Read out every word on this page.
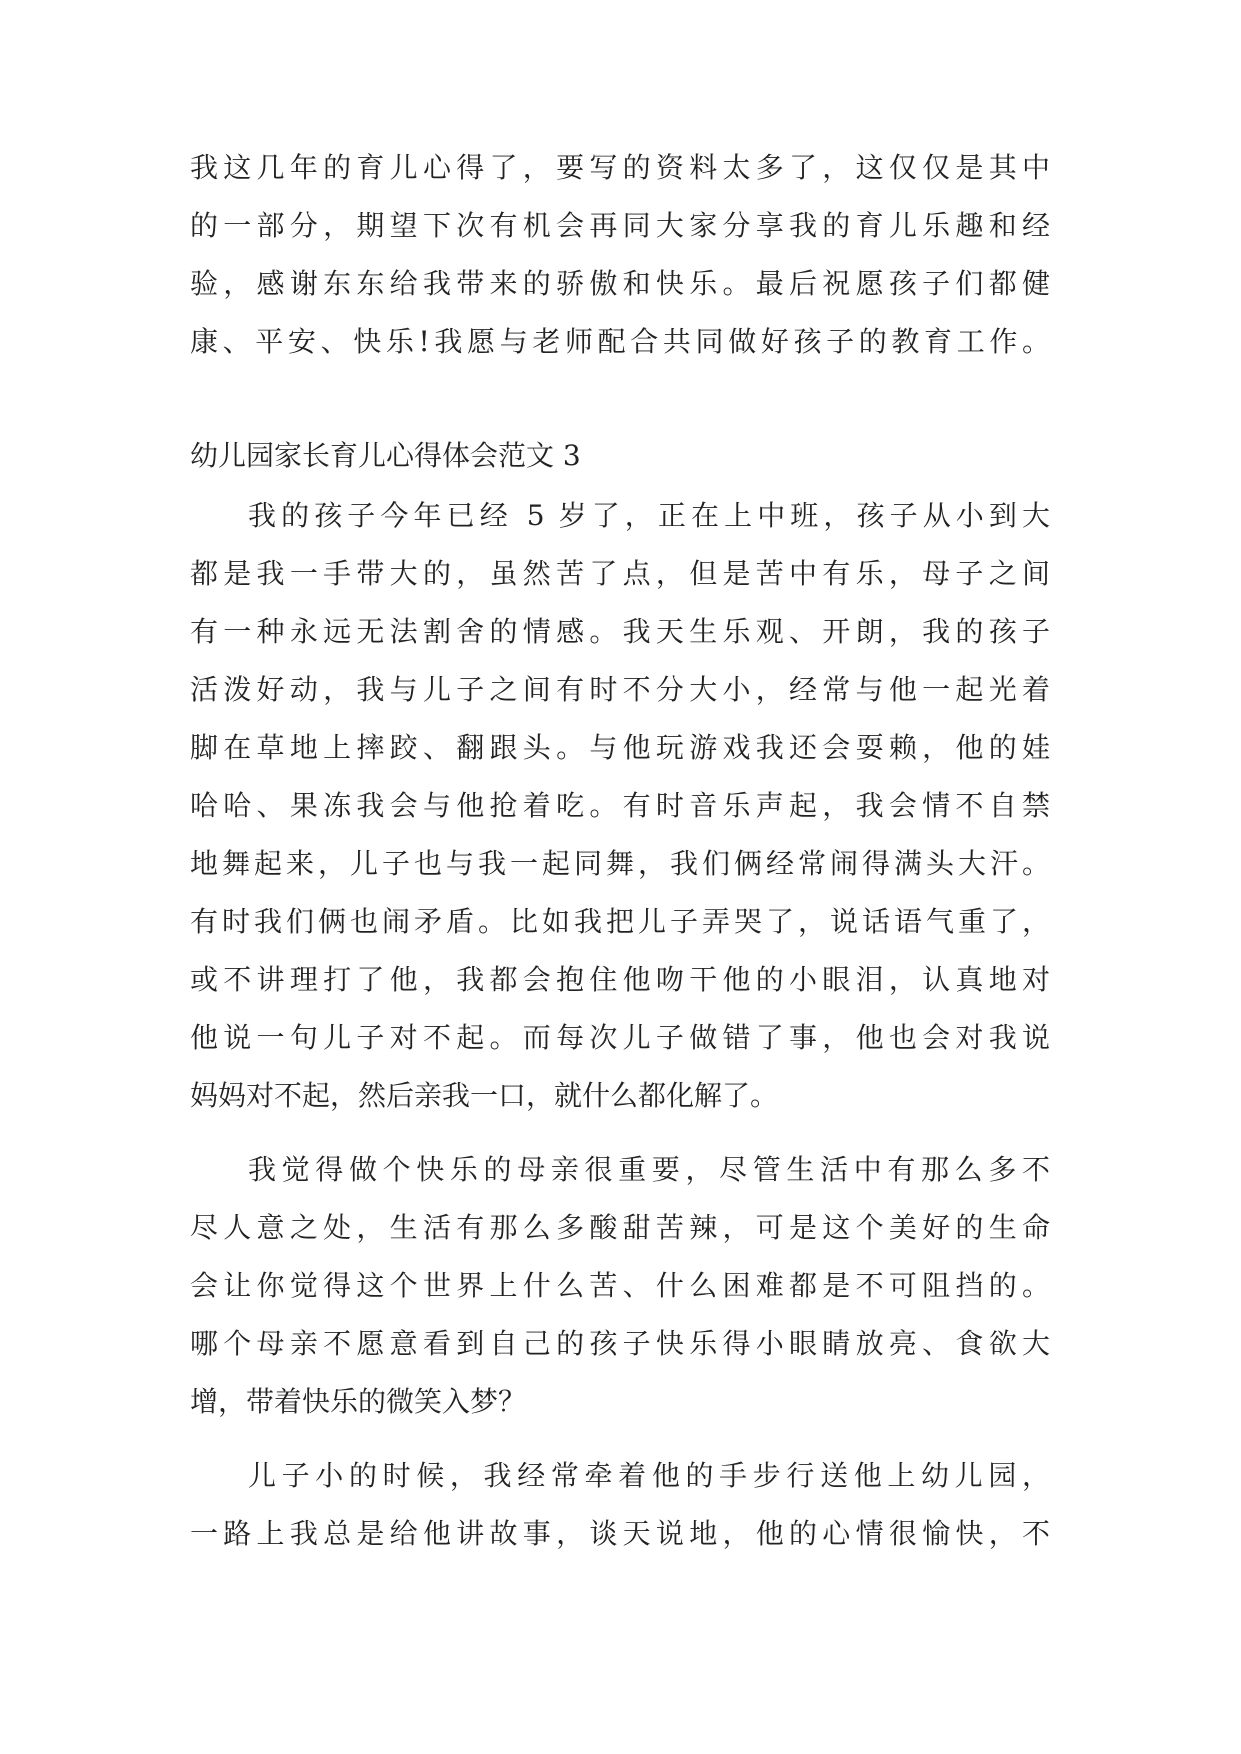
我这几年的育儿心得了，要写的资料太多了，这仅仅是其中
的一部分，期望下次有机会再同大家分享我的育儿乐趣和经
验，感谢东东给我带来的骄傲和快乐。最后祝愿孩子们都健
康、平安、快乐!我愿与老师配合共同做好孩子的教育工作。
幼儿园家长育儿心得体会范文 3
我的孩子今年已经 5 岁了，正在上中班，孩子从小到大
都是我一手带大的，虽然苦了点，但是苦中有乐，母子之间
有一种永远无法割舍的情感。我天生乐观、开朗，我的孩子
活泼好动，我与儿子之间有时不分大小，经常与他一起光着
脚在草地上摔跤、翻跟头。与他玩游戏我还会耍赖，他的娃
哈哈、果冻我会与他抢着吃。有时音乐声起，我会情不自禁
地舞起来，儿子也与我一起同舞，我们俩经常闹得满头大汗。
有时我们俩也闹矛盾。比如我把儿子弄哭了，说话语气重了，
或不讲理打了他，我都会抱住他吻干他的小眼泪，认真地对
他说一句儿子对不起。而每次儿子做错了事，他也会对我说
妈妈对不起，然后亲我一口，就什么都化解了。
我觉得做个快乐的母亲很重要，尽管生活中有那么多不
尽人意之处，生活有那么多酸甜苦辣，可是这个美好的生命
会让你觉得这个世界上什么苦、什么困难都是不可阻挡的。
哪个母亲不愿意看到自己的孩子快乐得小眼睛放亮、食欲大
增，带着快乐的微笑入梦？
儿子小的时候，我经常牵着他的手步行送他上幼儿园，
一路上我总是给他讲故事，谈天说地，他的心情很愉快，不
